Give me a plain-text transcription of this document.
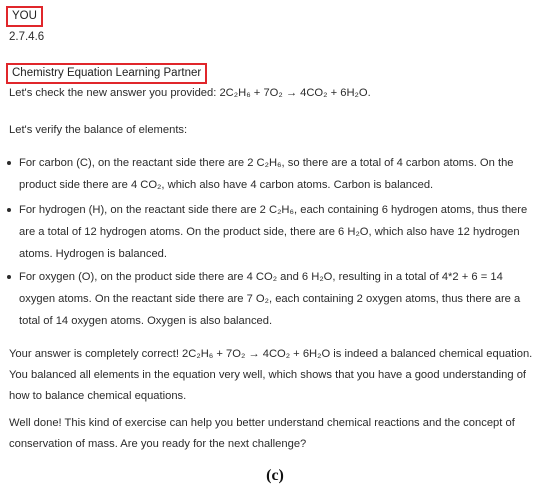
YOU
2.7.4.6
Chemistry Equation Learning Partner
Let's check the new answer you provided: 2C₂H₆ + 7O₂ → 4CO₂ + 6H₂O.
Let's verify the balance of elements:
For carbon (C), on the reactant side there are 2 C₂H₆, so there are a total of 4 carbon atoms. On the product side there are 4 CO₂, which also have 4 carbon atoms. Carbon is balanced.
For hydrogen (H), on the reactant side there are 2 C₂H₆, each containing 6 hydrogen atoms, thus there are a total of 12 hydrogen atoms. On the product side, there are 6 H₂O, which also have 12 hydrogen atoms. Hydrogen is balanced.
For oxygen (O), on the product side there are 4 CO₂ and 6 H₂O, resulting in a total of 4*2 + 6 = 14 oxygen atoms. On the reactant side there are 7 O₂, each containing 2 oxygen atoms, thus there are a total of 14 oxygen atoms. Oxygen is also balanced.
Your answer is completely correct! 2C₂H₆ + 7O₂ → 4CO₂ + 6H₂O is indeed a balanced chemical equation. You balanced all elements in the equation very well, which shows that you have a good understanding of how to balance chemical equations.
Well done! This kind of exercise can help you better understand chemical reactions and the concept of conservation of mass. Are you ready for the next challenge?
(c)
